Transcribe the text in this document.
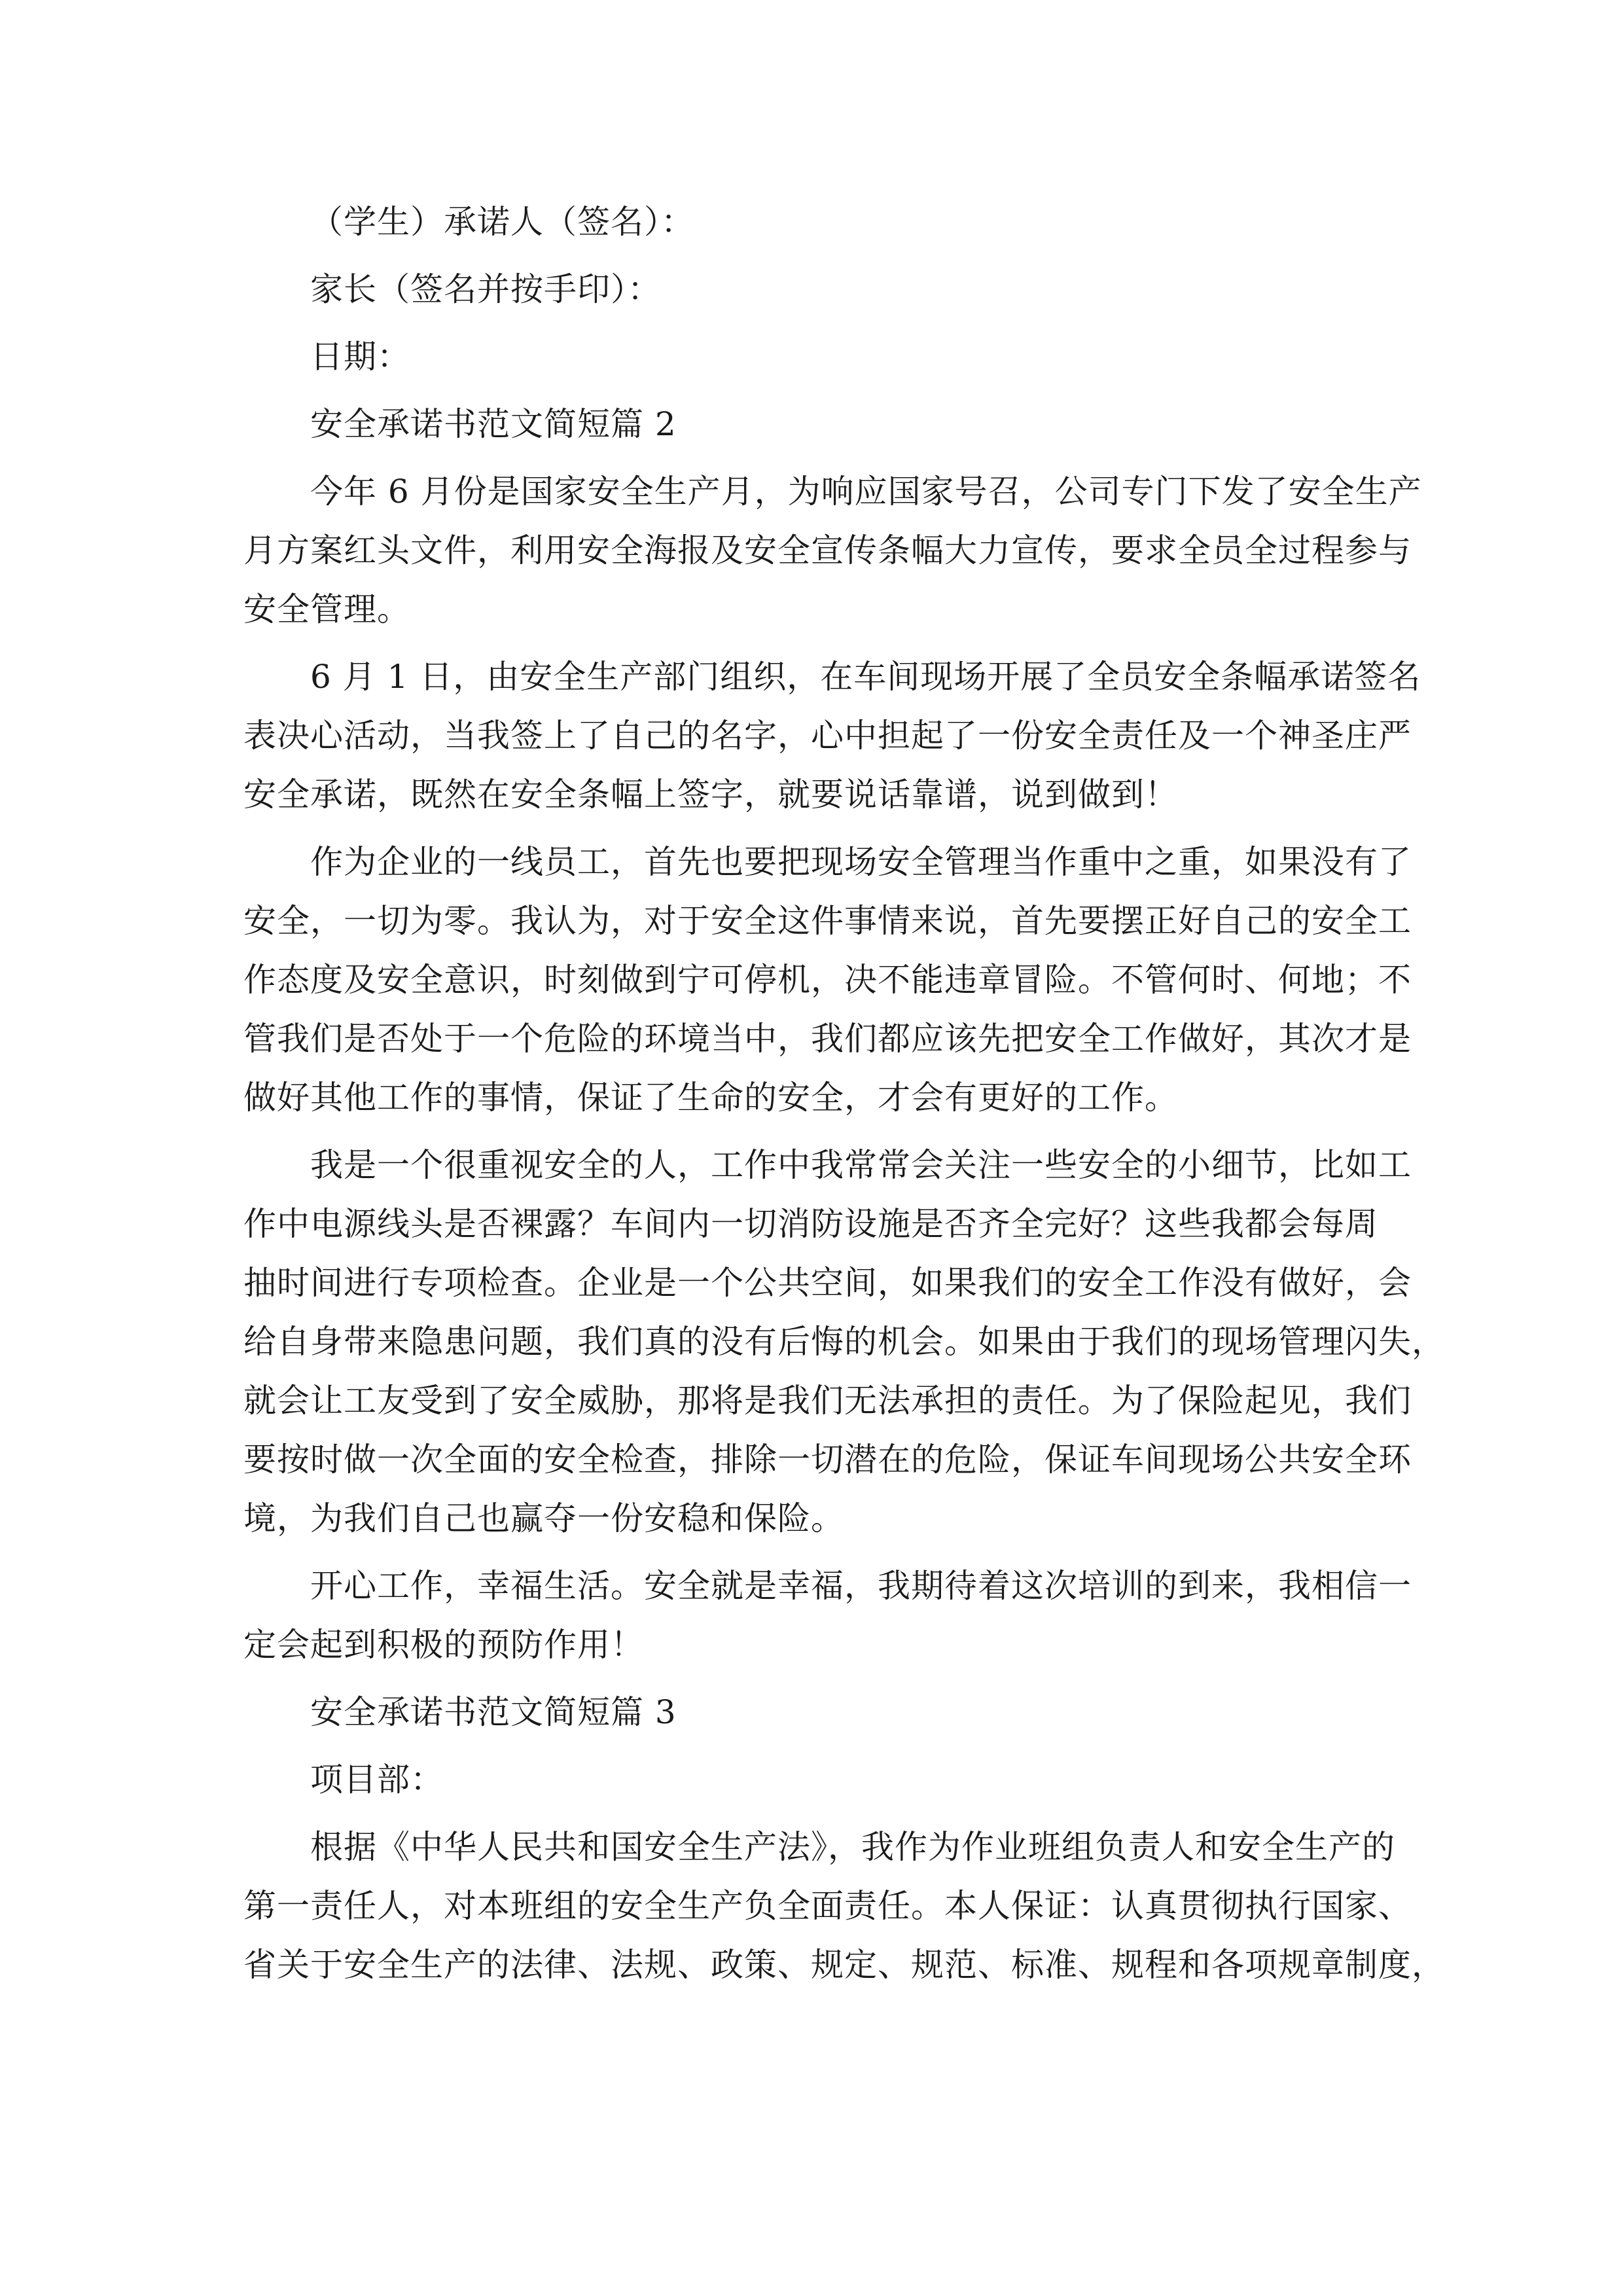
（学生）承诺人（签名）：
家长（签名并按手印）：
日期：
安全承诺书范文简短篇 2
今年 6 月份是国家安全生产月，为响应国家号召，公司专门下发了安全生产
月方案红头文件，利用安全海报及安全宣传条幅大力宣传，要求全员全过程参与
安全管理。
6 月 1 日，由安全生产部门组织，在车间现场开展了全员安全条幅承诺签名
表决心活动，当我签上了自己的名字，心中担起了一份安全责任及一个神圣庄严
安全承诺，既然在安全条幅上签字，就要说话靠谱，说到做到！
作为企业的一线员工，首先也要把现场安全管理当作重中之重，如果没有了
安全，一切为零。我认为，对于安全这件事情来说，首先要摆正好自己的安全工
作态度及安全意识，时刻做到宁可停机，决不能违章冒险。不管何时、何地；不
管我们是否处于一个危险的环境当中，我们都应该先把安全工作做好，其次才是
做好其他工作的事情，保证了生命的安全，才会有更好的工作。
我是一个很重视安全的人，工作中我常常会关注一些安全的小细节，比如工
作中电源线头是否裸露？车间内一切消防设施是否齐全完好？这些我都会每周
抽时间进行专项检查。企业是一个公共空间，如果我们的安全工作没有做好，会
给自身带来隐患问题，我们真的没有后悔的机会。如果由于我们的现场管理闪失，
就会让工友受到了安全威胁，那将是我们无法承担的责任。为了保险起见，我们
要按时做一次全面的安全检查，排除一切潜在的危险，保证车间现场公共安全环
境，为我们自己也赢夺一份安稳和保险。
开心工作，幸福生活。安全就是幸福，我期待着这次培训的到来，我相信一
定会起到积极的预防作用！
安全承诺书范文简短篇 3
项目部：
根据《中华人民共和国安全生产法》，我作为作业班组负责人和安全生产的
第一责任人，对本班组的安全生产负全面责任。本人保证：认真贯彻执行国家、
省关于安全生产的法律、法规、政策、规定、规范、标准、规程和各项规章制度，
